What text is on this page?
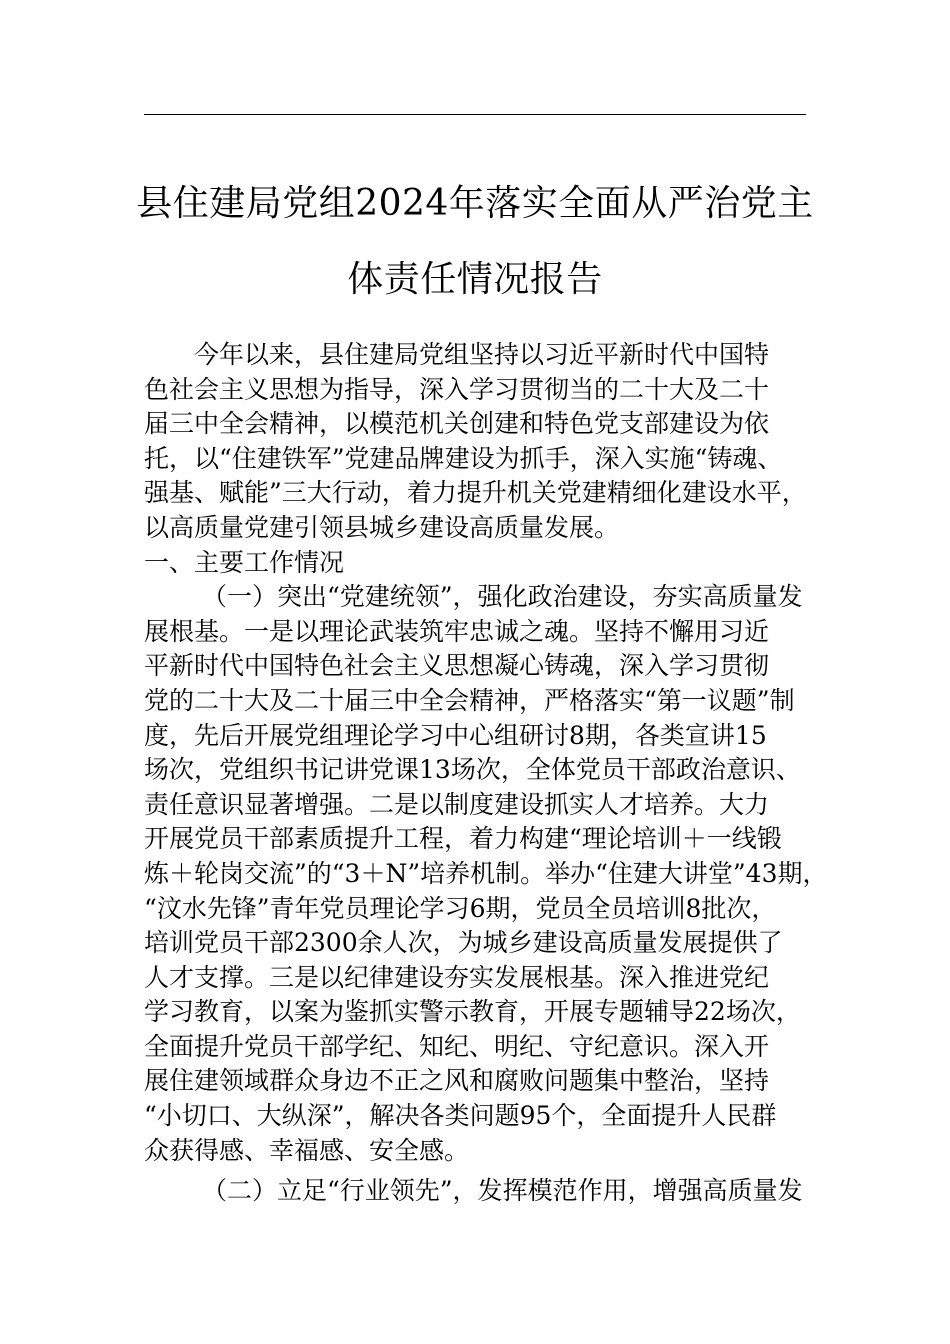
县住建局党组2024年落实全面从严治党主
体责任情况报告

今年以来，县住建局党组坚持以习近平新时代中国特
色社会主义思想为指导，深入学习贯彻当的二十大及二十
届三中全会精神，以模范机关创建和特色党支部建设为依
托，以“住建铁军”党建品牌建设为抓手，深入实施“铸魂、
强基、赋能”三大行动，着力提升机关党建精细化建设水平，
以高质量党建引领县城乡建设高质量发展。

一、主要工作情况

（一）突出“党建统领”，强化政治建设，夯实高质量发
展根基。一是以理论武装筑牢忠诚之魂。坚持不懈用习近
平新时代中国特色社会主义思想凝心铸魂，深入学习贯彻
党的二十大及二十届三中全会精神，严格落实“第一议题”制
度，先后开展党组理论学习中心组研讨8期，各类宣讲15
场次，党组织书记讲党课13场次，全体党员干部政治意识、
责任意识显著增强。二是以制度建设抓实人才培养。大力
开展党员干部素质提升工程，着力构建“理论培训＋一线锻
炼＋轮岗交流”的“3＋N”培养机制。举办“住建大讲堂”43期，
“汶水先锋”青年党员理论学习6期，党员全员培训8批次，
培训党员干部2300余人次，为城乡建设高质量发展提供了
人才支撑。三是以纪律建设夯实发展根基。深入推进党纪
学习教育，以案为鉴抓实警示教育，开展专题辅导22场次，
全面提升党员干部学纪、知纪、明纪、守纪意识。深入开
展住建领域群众身边不正之风和腐败问题集中整治，坚持
“小切口、大纵深”，解决各类问题95个，全面提升人民群
众获得感、幸福感、安全感。

（二）立足“行业领先”，发挥模范作用，增强高质量发
